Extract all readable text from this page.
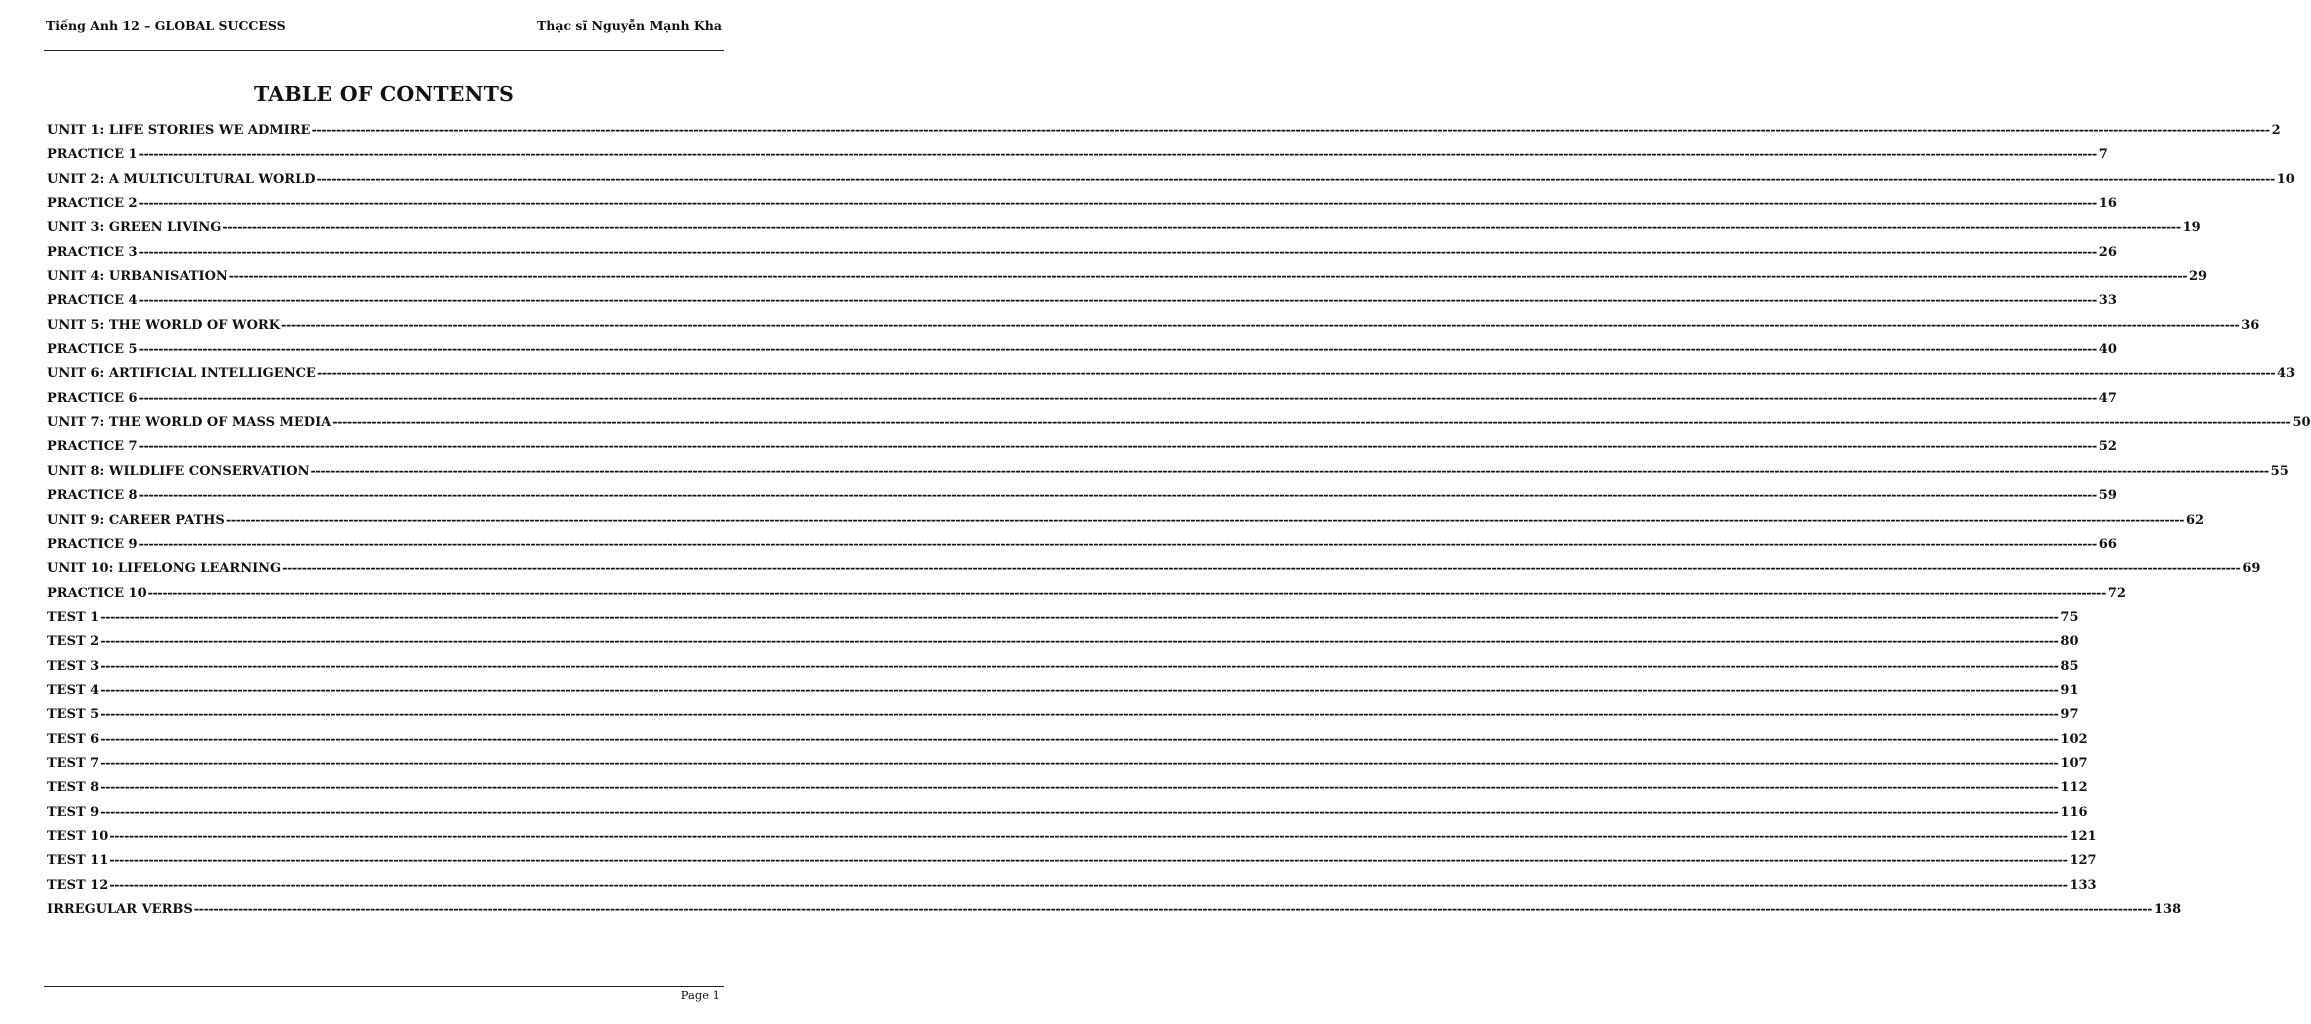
Tiếng Anh 12 – GLOBAL SUCCESS	Thạc sĩ Nguyễn Mạnh Kha
TABLE OF CONTENTS
UNIT 1: LIFE STORIES WE ADMIRE ---------------------------------------------------------------------------------------------------------------------------------------------------------------------------------------------------------------------------------------------------------------------------------------------------------------------------------------------------------------------------------------------------------------- 2
PRACTICE 1 ---------------------------------------------------------------------------------------------------------------------------------------------------------------------------------------------------------------------------------------------------------------------------------------------------------------------------------------------------------------------------------------------------------------- 7
UNIT 2: A MULTICULTURAL WORLD ---------------------------------------------------------------------------------------------------------------------------------------------------------------------------------------------------------------------------------------------------------------------------------------------------------------------------------------------------------------------------------------------------------------- 10
PRACTICE 2 ---------------------------------------------------------------------------------------------------------------------------------------------------------------------------------------------------------------------------------------------------------------------------------------------------------------------------------------------------------------------------------------------------------------- 16
UNIT 3: GREEN LIVING ---------------------------------------------------------------------------------------------------------------------------------------------------------------------------------------------------------------------------------------------------------------------------------------------------------------------------------------------------------------------------------------------------------------- 19
PRACTICE 3 ---------------------------------------------------------------------------------------------------------------------------------------------------------------------------------------------------------------------------------------------------------------------------------------------------------------------------------------------------------------------------------------------------------------- 26
UNIT 4: URBANISATION ---------------------------------------------------------------------------------------------------------------------------------------------------------------------------------------------------------------------------------------------------------------------------------------------------------------------------------------------------------------------------------------------------------------- 29
PRACTICE 4 ---------------------------------------------------------------------------------------------------------------------------------------------------------------------------------------------------------------------------------------------------------------------------------------------------------------------------------------------------------------------------------------------------------------- 33
UNIT 5: THE WORLD OF WORK ---------------------------------------------------------------------------------------------------------------------------------------------------------------------------------------------------------------------------------------------------------------------------------------------------------------------------------------------------------------------------------------------------------------- 36
PRACTICE 5 ---------------------------------------------------------------------------------------------------------------------------------------------------------------------------------------------------------------------------------------------------------------------------------------------------------------------------------------------------------------------------------------------------------------- 40
UNIT 6: ARTIFICIAL INTELLIGENCE ---------------------------------------------------------------------------------------------------------------------------------------------------------------------------------------------------------------------------------------------------------------------------------------------------------------------------------------------------------------------------------------------------------------- 43
PRACTICE 6 ---------------------------------------------------------------------------------------------------------------------------------------------------------------------------------------------------------------------------------------------------------------------------------------------------------------------------------------------------------------------------------------------------------------- 47
UNIT 7: THE WORLD OF MASS MEDIA ---------------------------------------------------------------------------------------------------------------------------------------------------------------------------------------------------------------------------------------------------------------------------------------------------------------------------------------------------------------------------------------------------------------- 50
PRACTICE 7 ---------------------------------------------------------------------------------------------------------------------------------------------------------------------------------------------------------------------------------------------------------------------------------------------------------------------------------------------------------------------------------------------------------------- 52
UNIT 8: WILDLIFE CONSERVATION ---------------------------------------------------------------------------------------------------------------------------------------------------------------------------------------------------------------------------------------------------------------------------------------------------------------------------------------------------------------------------------------------------------------- 55
PRACTICE 8 ---------------------------------------------------------------------------------------------------------------------------------------------------------------------------------------------------------------------------------------------------------------------------------------------------------------------------------------------------------------------------------------------------------------- 59
UNIT 9: CAREER PATHS ---------------------------------------------------------------------------------------------------------------------------------------------------------------------------------------------------------------------------------------------------------------------------------------------------------------------------------------------------------------------------------------------------------------- 62
PRACTICE 9 ---------------------------------------------------------------------------------------------------------------------------------------------------------------------------------------------------------------------------------------------------------------------------------------------------------------------------------------------------------------------------------------------------------------- 66
UNIT 10: LIFELONG LEARNING ---------------------------------------------------------------------------------------------------------------------------------------------------------------------------------------------------------------------------------------------------------------------------------------------------------------------------------------------------------------------------------------------------------------- 69
PRACTICE 10 ---------------------------------------------------------------------------------------------------------------------------------------------------------------------------------------------------------------------------------------------------------------------------------------------------------------------------------------------------------------------------------------------------------------- 72
TEST 1 ---------------------------------------------------------------------------------------------------------------------------------------------------------------------------------------------------------------------------------------------------------------------------------------------------------------------------------------------------------------------------------------------------------------- 75
TEST 2 ---------------------------------------------------------------------------------------------------------------------------------------------------------------------------------------------------------------------------------------------------------------------------------------------------------------------------------------------------------------------------------------------------------------- 80
TEST 3 ---------------------------------------------------------------------------------------------------------------------------------------------------------------------------------------------------------------------------------------------------------------------------------------------------------------------------------------------------------------------------------------------------------------- 85
TEST 4 ---------------------------------------------------------------------------------------------------------------------------------------------------------------------------------------------------------------------------------------------------------------------------------------------------------------------------------------------------------------------------------------------------------------- 91
TEST 5 ---------------------------------------------------------------------------------------------------------------------------------------------------------------------------------------------------------------------------------------------------------------------------------------------------------------------------------------------------------------------------------------------------------------- 97
TEST 6 ---------------------------------------------------------------------------------------------------------------------------------------------------------------------------------------------------------------------------------------------------------------------------------------------------------------------------------------------------------------------------------------------------------------- 102
TEST 7 ---------------------------------------------------------------------------------------------------------------------------------------------------------------------------------------------------------------------------------------------------------------------------------------------------------------------------------------------------------------------------------------------------------------- 107
TEST 8 ---------------------------------------------------------------------------------------------------------------------------------------------------------------------------------------------------------------------------------------------------------------------------------------------------------------------------------------------------------------------------------------------------------------- 112
TEST 9 ---------------------------------------------------------------------------------------------------------------------------------------------------------------------------------------------------------------------------------------------------------------------------------------------------------------------------------------------------------------------------------------------------------------- 116
TEST 10 ---------------------------------------------------------------------------------------------------------------------------------------------------------------------------------------------------------------------------------------------------------------------------------------------------------------------------------------------------------------------------------------------------------------- 121
TEST 11 ---------------------------------------------------------------------------------------------------------------------------------------------------------------------------------------------------------------------------------------------------------------------------------------------------------------------------------------------------------------------------------------------------------------- 127
TEST 12 ---------------------------------------------------------------------------------------------------------------------------------------------------------------------------------------------------------------------------------------------------------------------------------------------------------------------------------------------------------------------------------------------------------------- 133
IRREGULAR VERBS ---------------------------------------------------------------------------------------------------------------------------------------------------------------------------------------------------------------------------------------------------------------------------------------------------------------------------------------------------------------------------------------------------------------- 138
Page 1
